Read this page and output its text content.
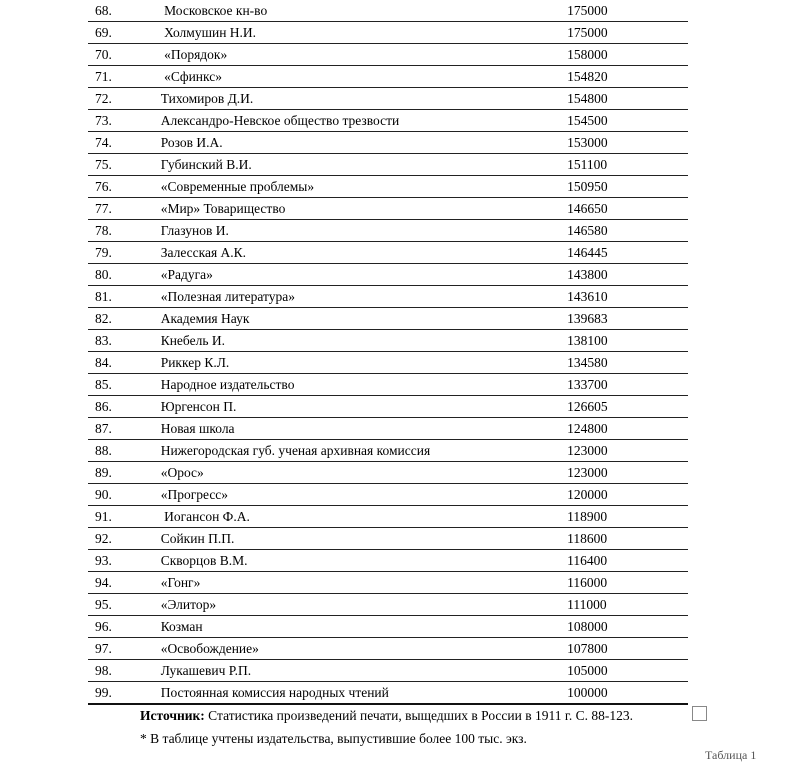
68.	Московское кн-во	175000
69.	Холмушин Н.И.	175000
70.	«Порядок»	158000
71.	«Сфинкс»	154820
72.	Тихомиров Д.И.	154800
73.	Александро-Невское общество трезвости	154500
74.	Розов И.А.	153000
75.	Губинский В.И.	151100
76.	«Современные проблемы»	150950
77.	«Мир» Товарищество	146650
78.	Глазунов И.	146580
79.	Залесская А.К.	146445
80.	«Радуга»	143800
81.	«Полезная литература»	143610
82.	Академия Наук	139683
83.	Кнебель И.	138100
84.	Риккер К.Л.	134580
85.	Народное издательство	133700
86.	Юргенсон П.	126605
87.	Новая школа	124800
88.	Нижегородская губ. ученая архивная комиссия	123000
89.	«Орос»	123000
90.	«Прогресс»	120000
91.	Иогансон Ф.А.	118900
92.	Сойкин П.П.	118600
93.	Скворцов В.М.	116400
94.	«Гонг»	116000
95.	«Элитор»	111000
96.	Козман	108000
97.	«Освобождение»	107800
98.	Лукашевич Р.П.	105000
99.	Постоянная комиссия народных чтений	100000
Источник: Статистика произведений печати, выщедших в России в 1911 г. С. 88-123.
* В таблице учтены издательства, выпустившие более 100 тыс. экз.
Таблица 1
